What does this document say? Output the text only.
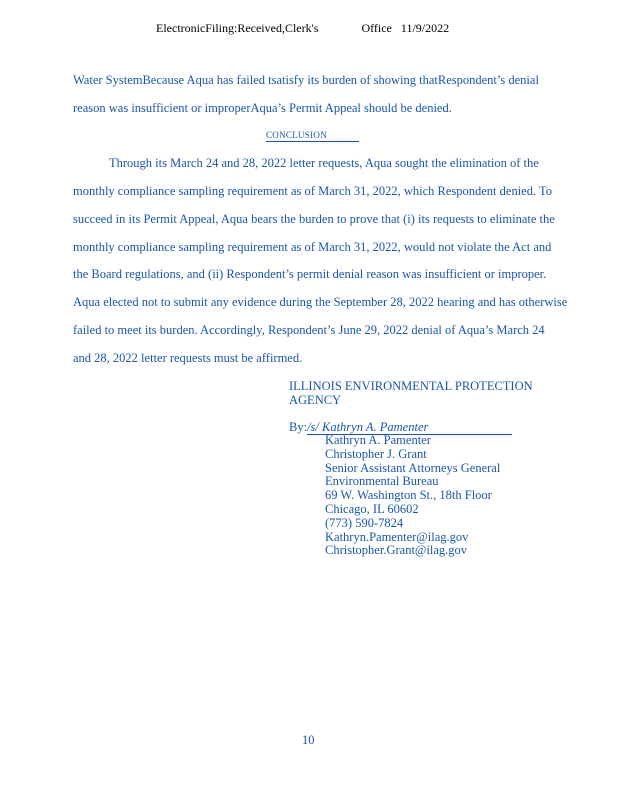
ElectronicFiling:Received,Clerk's	Office 11/9/2022
Water SystemBecause Aqua has failed tsatisfy its burden of showing thatRespondent’s denial
reason was insufficient or improperAqua’s Permit Appeal should be denied.
CONCLUSION
Through its March 24 and 28, 2022 letter requests, Aqua sought the elimination of the
monthly compliance sampling requirement as of March 31, 2022, which Respondent denied. To
succeed in its Permit Appeal, Aqua bears the burden to prove that (i) its requests to eliminate the
monthly compliance sampling requirement as of March 31, 2022, would not violate the Act and
the Board regulations, and (ii) Respondent’s permit denial reason was insufficient or improper.
Aqua elected not to submit any evidence during the September 28, 2022 hearing and has otherwise
failed to meet its burden. Accordingly, Respondent’s June 29, 2022 denial of Aqua’s March 24
and 28, 2022 letter requests must be affirmed.
ILLINOIS ENVIRONMENTAL PROTECTION AGENCY
By:/s/ Kathryn A. Pamenter
Kathryn A. Pamenter
Christopher J. Grant
Senior Assistant Attorneys General
Environmental Bureau
69 W. Washington St., 18th Floor
Chicago, IL 60602
(773) 590-7824
Kathryn.Pamenter@ilag.gov
Christopher.Grant@ilag.gov
10
